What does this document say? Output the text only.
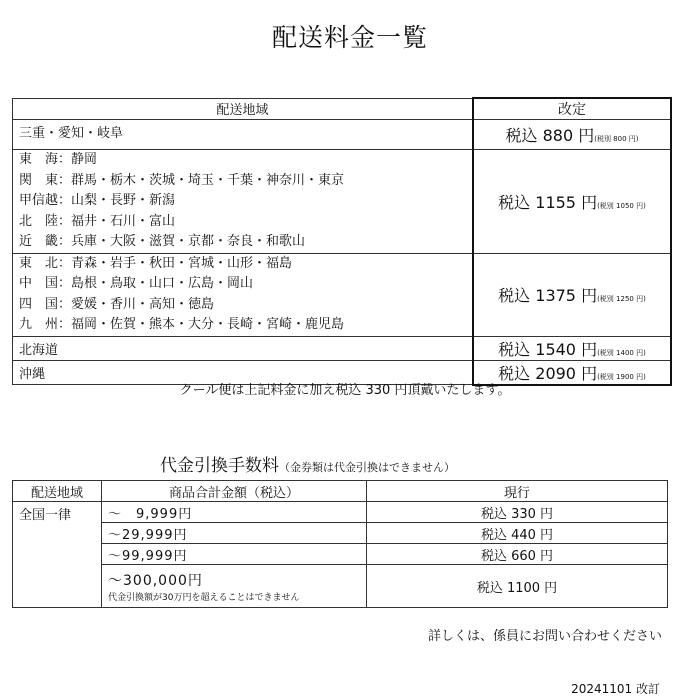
配送料金一覧
配送地域	改定

三重・愛知・岐阜	税込 880 円(税別 800 円)

東　海：静岡
関　東：群馬・栃木・茨城・埼玉・千葉・神奈川・東京
甲信越：山梨・長野・新潟
北　陸：福井・石川・富山
近　畿：兵庫・大阪・滋賀・京都・奈良・和歌山	税込 1155 円(税別 1050 円)

東　北：青森・岩手・秋田・宮城・山形・福島
中　国：島根・鳥取・山口・広島・岡山
四　国：愛媛・香川・高知・徳島
九　州：福岡・佐賀・熊本・大分・長崎・宮崎・鹿児島	税込 1375 円(税別 1250 円)
北海道	税込 1540 円(税別 1400 円)
沖縄	税込 2090 円(税別 1900 円)
クール便は上記料金に加え税込 330 円頂戴いたします。
代金引換手数料（金券類は代金引換はできません）
配送地域	商品合計金額（税込）	現行
全国一律	～　9,999円	税込 330 円
	～29,999円	税込 440 円
	～99,999円	税込 660 円

	～300,000円
代金引換額が30万円を超えることはできません	税込 1100 円
詳しくは、係員にお問い合わせください
20241101 改訂
